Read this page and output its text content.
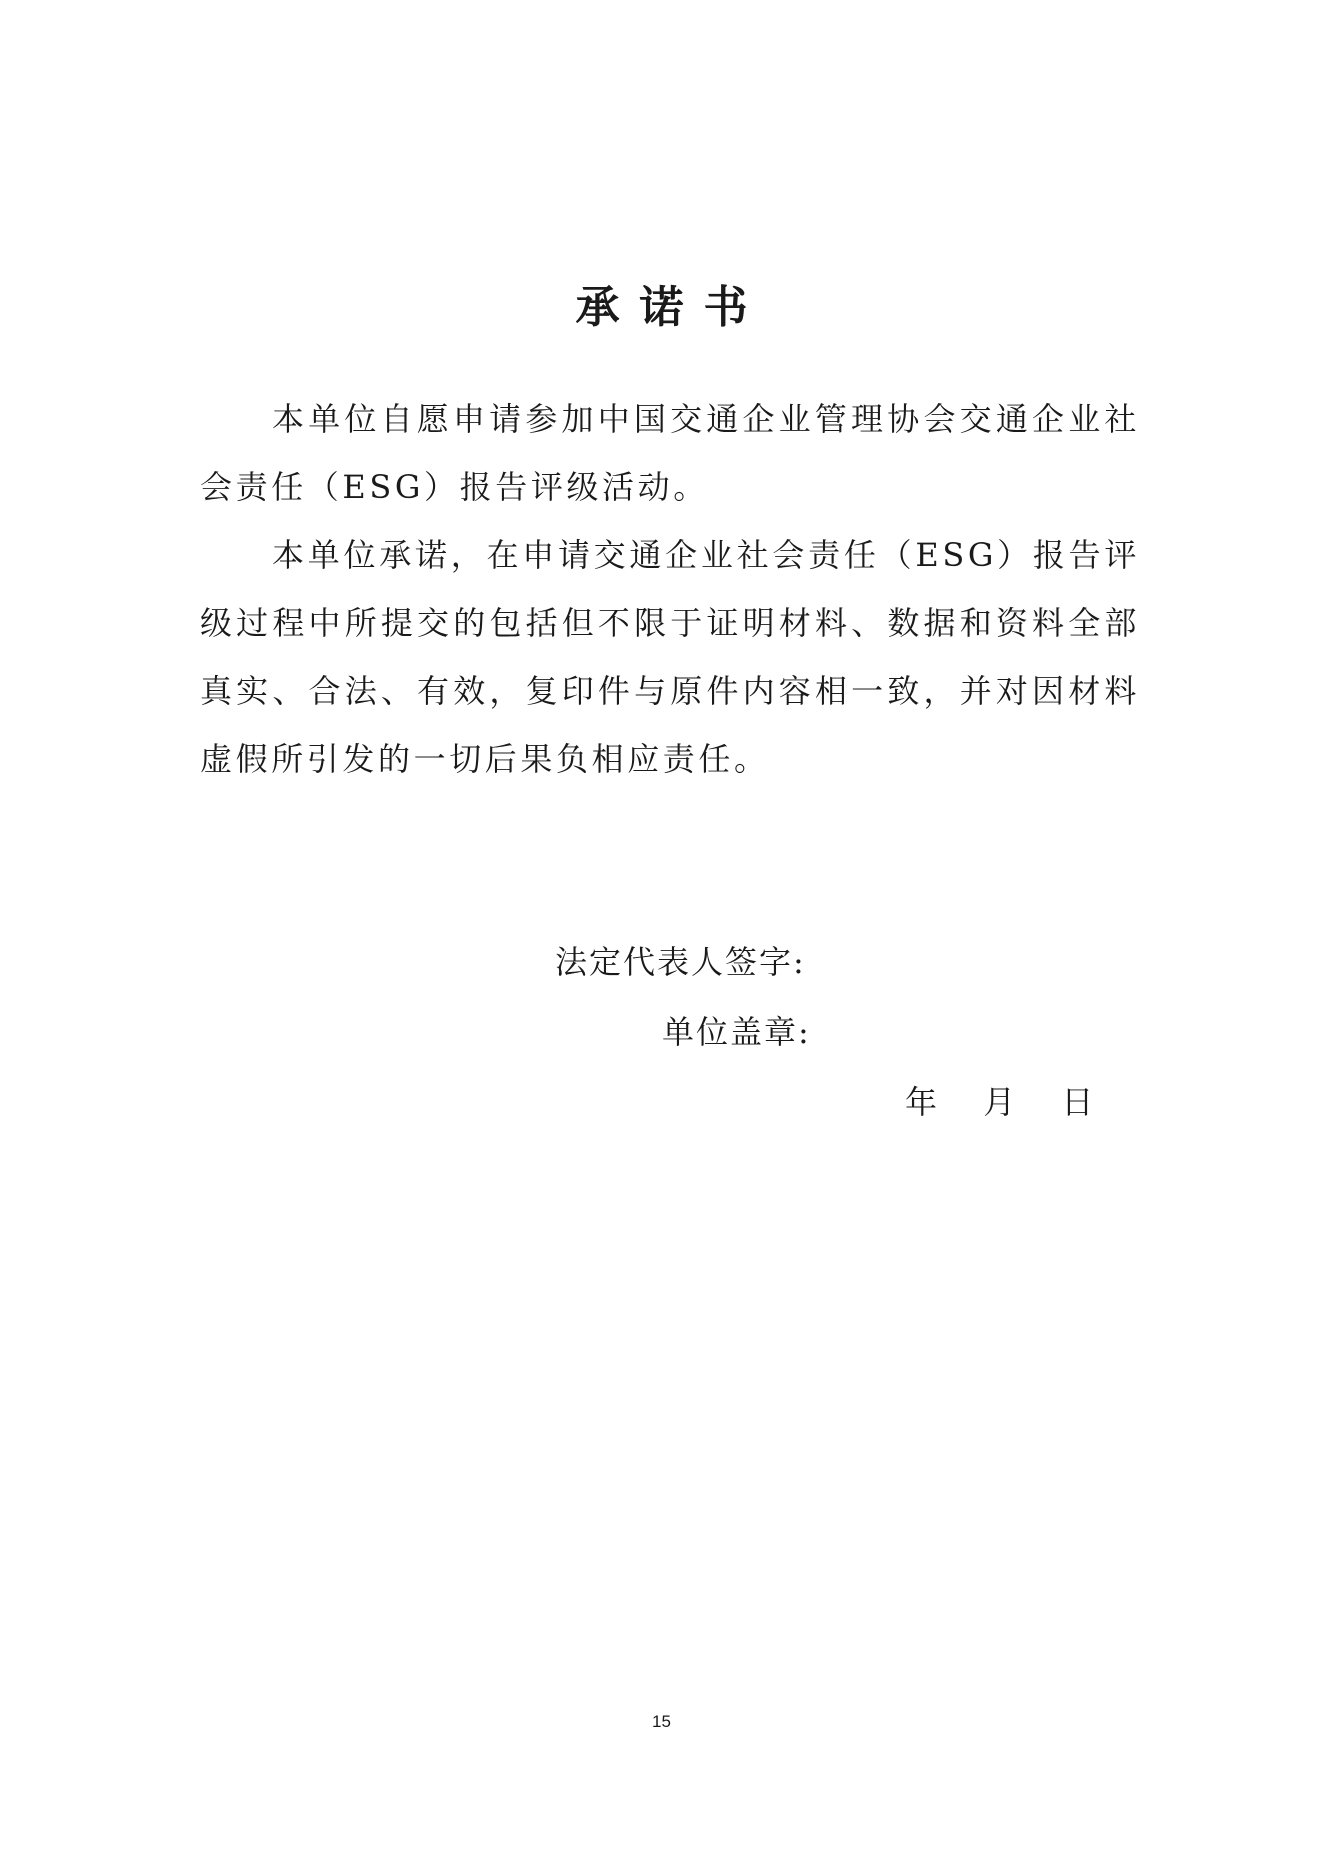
承诺书

本单位自愿申请参加中国交通企业管理协会交通企业社会责任（ESG）报告评级活动。

本单位承诺，在申请交通企业社会责任（ESG）报告评级过程中所提交的包括但不限于证明材料、数据和资料全部真实、合法、有效，复印件与原件内容相一致，并对因材料虚假所引发的一切后果负相应责任。

法定代表人签字:
单位盖章:
年 月 日
15
